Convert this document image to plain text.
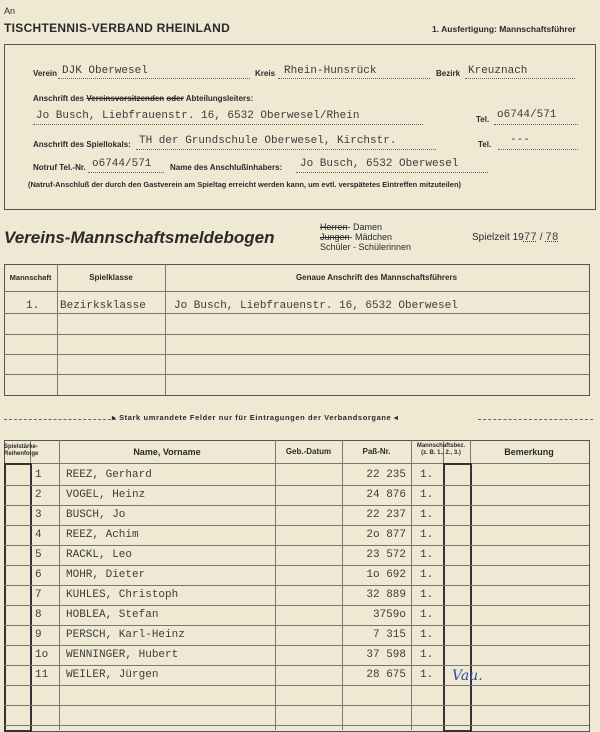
An
TISCHTENNIS-VERBAND RHEINLAND	1. Ausfertigung: Mannschaftsführer
Verein DJK Oberwesel	Kreis Rhein-Hunsrück	Bezirk Kreuznach
Anschrift des Vereinsvorsitzenden oder Abteilungsleiters:
Jo Busch, Liebfrauenstr. 16, 6532 Oberwesel/Rhein	Tel. o6744/571
Anschrift des Spiellokals: TH der Grundschule Oberwesel, Kirchstr.	Tel. ---
Notruf Tel.-Nr. o6744/571 Name des Anschlußinhabers: Jo Busch, 6532 Oberwesel
(Natruf-Anschluß der durch den Gastverein am Spieltag erreicht werden kann, um evtl. verspätetes Eintreffen mitzuteilen)
Vereins-Mannschaftsmeldebogen
Herren- Damen
Jungen- Mädchen
Schüler - Schülerinnen
Spielzeit 1977 / 78
Mannschaft	Spielklasse	Genaue Anschrift des Mannschaftsführers
1. Bezirksklasse	Jo Busch, Liebfrauenstr. 16, 6532 Oberwesel
▸ Stark umrandete Felder nur für Eintragungen der Verbandsorgane ◂
Spielstärke-
Reihenfolge	Name, Vorname	Geb.-Datum	Paß-Nr.
Mannschaftsbez.
(z. B. 1., 2., 3.)	Bemerkung
1 REEZ, Gerhard	22 235 1.
2 VOGEL, Heinz	24 876 1.
3 BUSCH, Jo	22 237 1.
4 REEZ, Achim	2o 877 1.
5 RACKL, Leo	23 572 1.
6 MOHR, Dieter	1o 692 1.
7 KUHLES, Christoph	32 889 1.
8 HOBLEA, Stefan	3759o 1.
9 PERSCH, Karl-Heinz	7 315 1.
1o WENNINGER, Hubert	37 598 1.
11 WEILER, Jürgen	28 675 1. Vau.
